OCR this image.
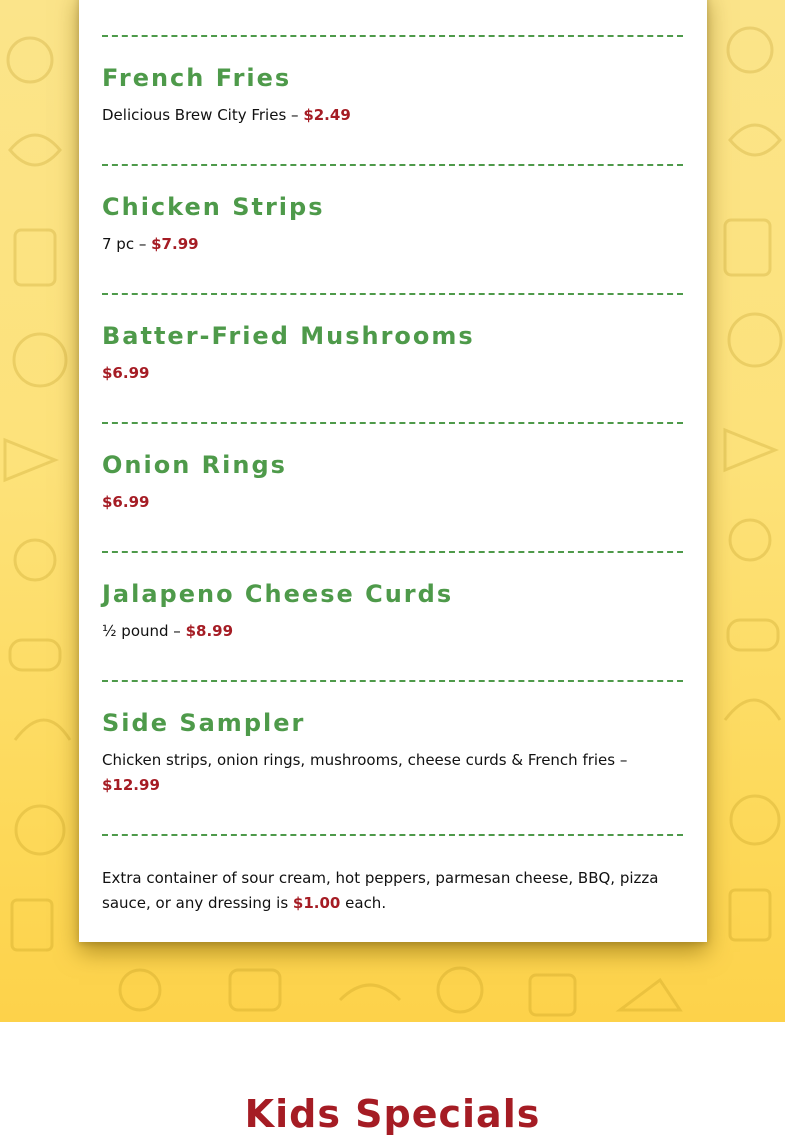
French Fries

Delicious Brew City Fries – $2.49

Chicken Strips

7 pc – $7.99

Batter-Fried Mushrooms

$6.99

Onion Rings

$6.99

Jalapeno Cheese Curds

½ pound – $8.99

Side Sampler

Chicken strips, onion rings, mushrooms, cheese curds & French fries – $12.99

Extra container of sour cream, hot peppers, parmesan cheese, BBQ, pizza sauce, or any dressing is $1.00 each.

Kids Specials
